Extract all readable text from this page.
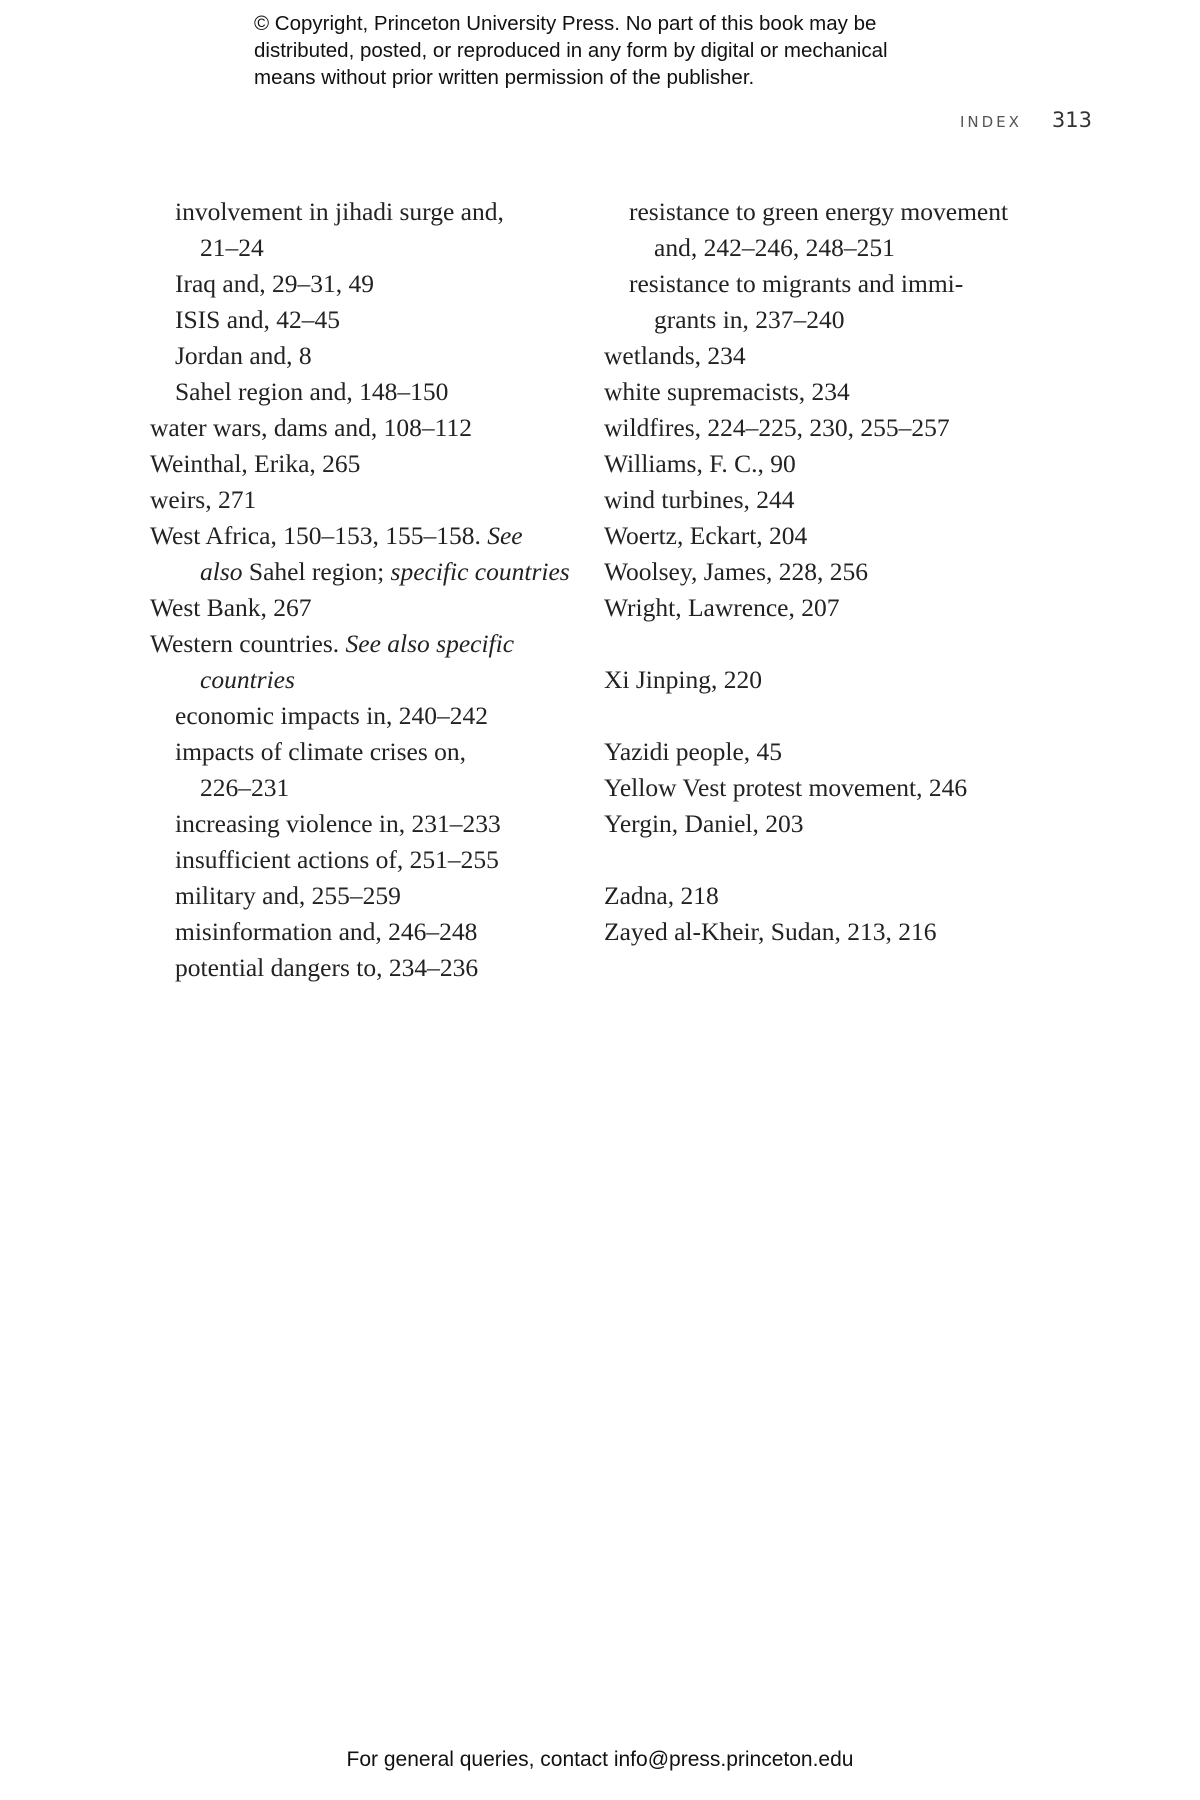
© Copyright, Princeton University Press. No part of this book may be
distributed, posted, or reproduced in any form by digital or mechanical
means without prior written permission of the publisher.
INDEX 313
involvement in jihadi surge and,
21–24
Iraq and, 29–31, 49
ISIS and, 42–45
Jordan and, 8
Sahel region and, 148–150
water wars, dams and, 108–112
Weinthal, Erika, 265
weirs, 271
West Africa, 150–153, 155–158. See
also Sahel region; specific countries
West Bank, 267
Western countries. See also specific
countries
economic impacts in, 240–242
impacts of climate crises on,
226–231
increasing violence in, 231–233
insufficient actions of, 251–255
military and, 255–259
misinformation and, 246–248
potential dangers to, 234–236
resistance to green energy movement
and, 242–246, 248–251
resistance to migrants and immi-
grants in, 237–240
wetlands, 234
white supremacists, 234
wildfires, 224–225, 230, 255–257
Williams, F. C., 90
wind turbines, 244
Woertz, Eckart, 204
Woolsey, James, 228, 256
Wright, Lawrence, 207
Xi Jinping, 220
Yazidi people, 45
Yellow Vest protest movement, 246
Yergin, Daniel, 203
Zadna, 218
Zayed al-Kheir, Sudan, 213, 216
For general queries, contact info@press.princeton.edu
